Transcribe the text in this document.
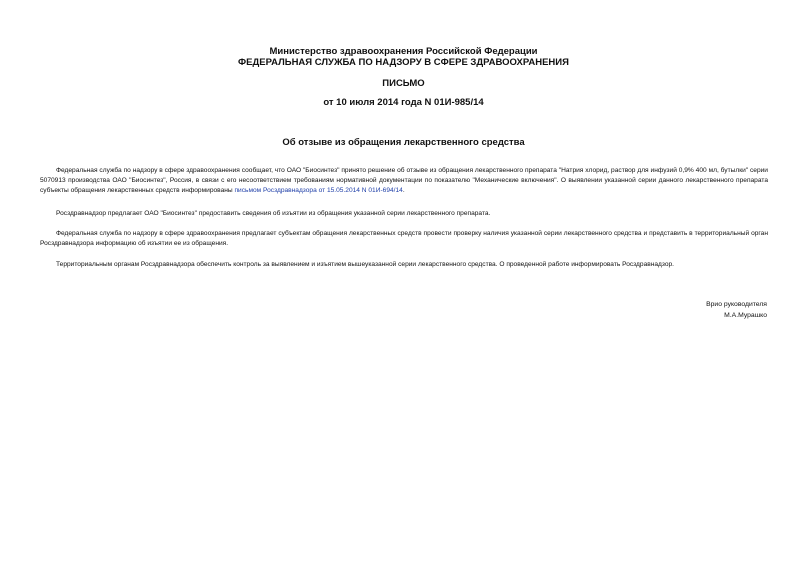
Министерство здравоохранения Российской Федерации
ФЕДЕРАЛЬНАЯ СЛУЖБА ПО НАДЗОРУ В СФЕРЕ ЗДРАВООХРАНЕНИЯ
ПИСЬМО
от 10 июля 2014 года N 01И-985/14
Об отзыве из обращения лекарственного средства

Федеральная служба по надзору в сфере здравоохранения сообщает, что ОАО "Биосинтез" принято решение об отзыве из обращения лекарственного препарата "Натрия хлорид, раствор для инфузий 0,9% 400 мл, бутылки" серии 5070913 производства ОАО "Биосинтез", Россия, в связи с его несоответствием требованиям нормативной документации по показателю "Механические включения". О выявлении указанной серии данного лекарственного препарата субъекты обращения лекарственных средств информированы письмом Росздравнадзора от 15.05.2014 N 01И-694/14.

Росздравнадзор предлагает ОАО "Биосинтез" предоставить сведения об изъятии из обращения указанной серии лекарственного препарата.

Федеральная служба по надзору в сфере здравоохранения предлагает субъектам обращения лекарственных средств провести проверку наличия указанной серии лекарственного средства и представить в территориальный орган Росздравнадзора информацию об изъятии ее из обращения.

Территориальным органам Росздравнадзора обеспечить контроль за выявлением и изъятием вышеуказанной серии лекарственного средства. О проведенной работе информировать Росздравнадзор.

Врио руководителя
М.А.Мурашко
